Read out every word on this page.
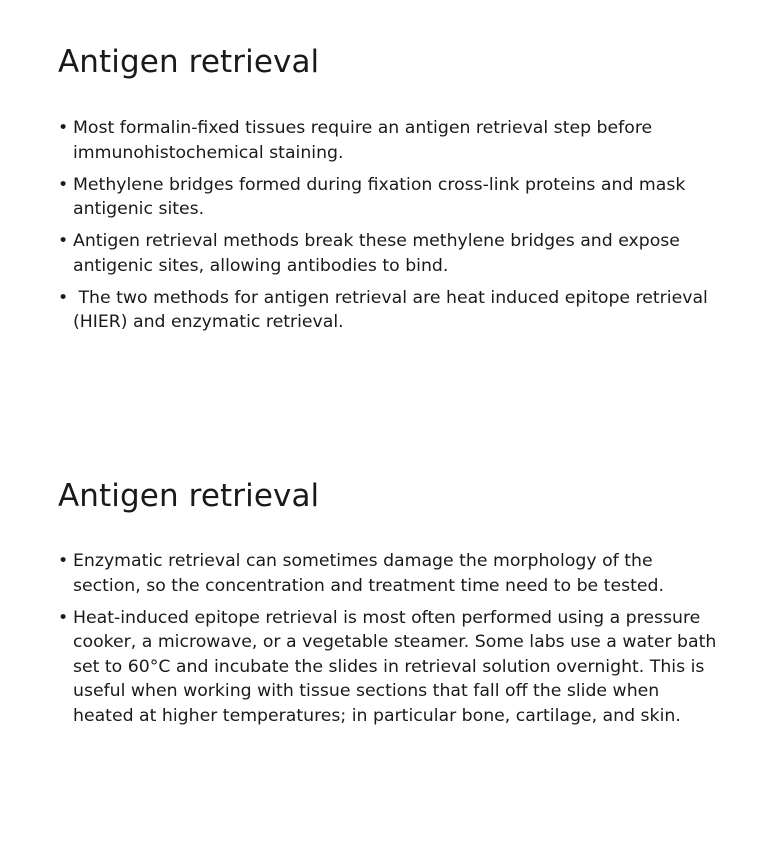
Antigen retrieval
• Most formalin-fixed tissues require an antigen retrieval step before immunohistochemical staining.
• Methylene bridges formed during fixation cross-link proteins and mask antigenic sites.
• Antigen retrieval methods break these methylene bridges and expose antigenic sites, allowing antibodies to bind.
•  The two methods for antigen retrieval are heat induced epitope retrieval (HIER) and enzymatic retrieval.
Antigen retrieval
• Enzymatic retrieval can sometimes damage the morphology of the section, so the concentration and treatment time need to be tested.
• Heat-induced epitope retrieval is most often performed using a pressure cooker, a microwave, or a vegetable steamer. Some labs use a water bath set to 60°C and incubate the slides in retrieval solution overnight. This is useful when working with tissue sections that fall off the slide when heated at higher temperatures; in particular bone, cartilage, and skin.
